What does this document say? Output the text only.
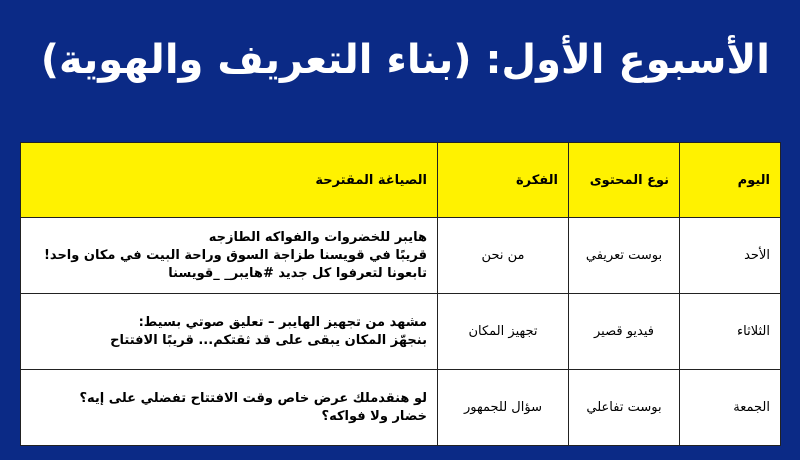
الأسبوع الأول: (بناء التعريف والهوية)
اليوم	نوع المحتوى	الفكرة	الصياغة المقترحة
الأحد	بوست تعريفي	من نحن	هايبر للخضروات والفواكه الطازجه
قريبًا في قويسنا طزاجة السوق وراحة البيت في مكان واحد!
تابعونا لتعرفوا كل جديد #هايبر_ _قويسنا

الثلاثاء	فيديو قصير	تجهيز المكان	مشهد من تجهيز الهايبر – تعليق صوتي بسيط:
بنجهّز المكان يبقى على قد ثقتكم... قريبًا الافتتاح

الجمعة	بوست تفاعلي	سؤال للجمهور	لو هنقدملك عرض خاص وقت الافتتاح تفضلي على إيه؟
خضار ولا فواكه؟
